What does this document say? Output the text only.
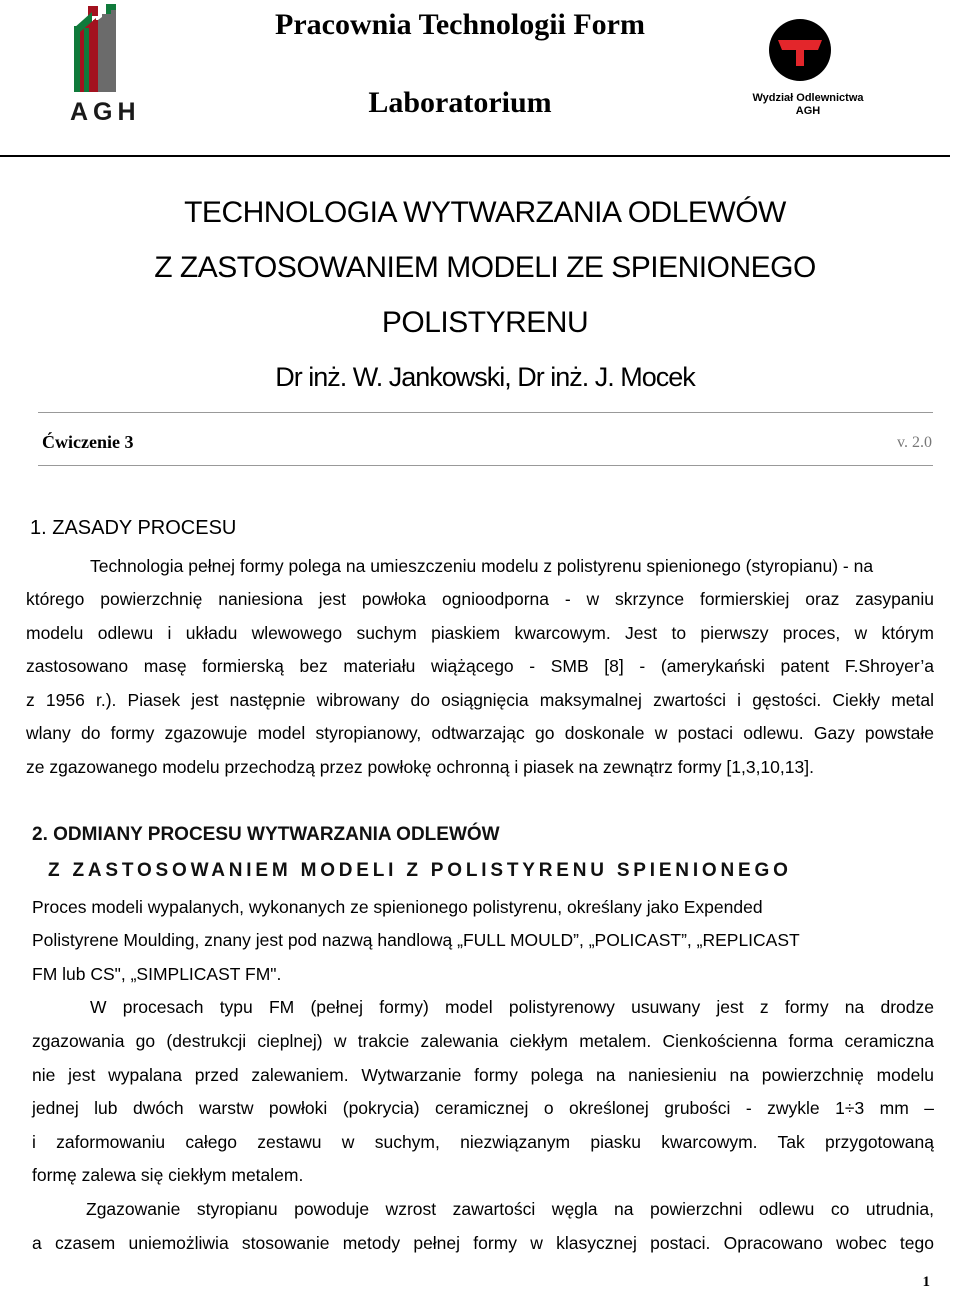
AGH
Pracownia Technologii Form
Laboratorium	Wydział Odlewnictwa
AGH
TECHNOLOGIA WYTWARZANIA ODLEWÓW
Z ZASTOSOWANIEM MODELI ZE SPIENIONEGO
POLISTYRENU
Dr inż. W. Jankowski, Dr inż. J. Mocek
Ćwiczenie 3	v. 2.0
1. ZASADY PROCESU
Technologia pełnej formy polega na umieszczeniu modelu z polistyrenu spienionego (styropianu) - na
którego powierzchnię naniesiona jest powłoka ognioodporna - w skrzynce formierskiej oraz zasypaniu
modelu odlewu i układu wlewowego suchym piaskiem kwarcowym. Jest to pierwszy proces, w którym
zastosowano masę formierską bez materiału wiążącego - SMB [8] - (amerykański patent F.Shroyer’a
z 1956 r.). Piasek jest następnie wibrowany do osiągnięcia maksymalnej zwartości i gęstości. Ciekły metal
wlany do formy zgazowuje model styropianowy, odtwarzając go doskonale w postaci odlewu. Gazy powstałe
ze zgazowanego modelu przechodzą przez powłokę ochronną i piasek na zewnątrz formy [1,3,10,13].
2. ODMIANY PROCESU WYTWARZANIA ODLEWÓW
Z ZASTOSOWANIEM MODELI Z POLISTYRENU SPIENIONEGO
Proces modeli wypalanych, wykonanych ze spienionego polistyrenu, określany jako Expended
Polistyrene Moulding, znany jest pod nazwą handlową „FULL MOULD”, „POLICAST”, „REPLICAST
FM lub CS", „SIMPLICAST FM".
W procesach typu FM (pełnej formy) model polistyrenowy usuwany jest z formy na drodze
zgazowania go (destrukcji cieplnej) w trakcie zalewania ciekłym metalem. Cienkościenna forma ceramiczna
nie jest wypalana przed zalewaniem. Wytwarzanie formy polega na naniesieniu na powierzchnię modelu
jednej lub dwóch warstw powłoki (pokrycia) ceramicznej o określonej grubości - zwykle 1÷3 mm –
i zaformowaniu całego zestawu w suchym, niezwiązanym piasku kwarcowym. Tak przygotowaną
formę zalewa się ciekłym metalem.
Zgazowanie styropianu powoduje wzrost zawartości węgla na powierzchni odlewu co utrudnia,
a czasem uniemożliwia stosowanie metody pełnej formy w klasycznej postaci. Opracowano wobec tego
1
